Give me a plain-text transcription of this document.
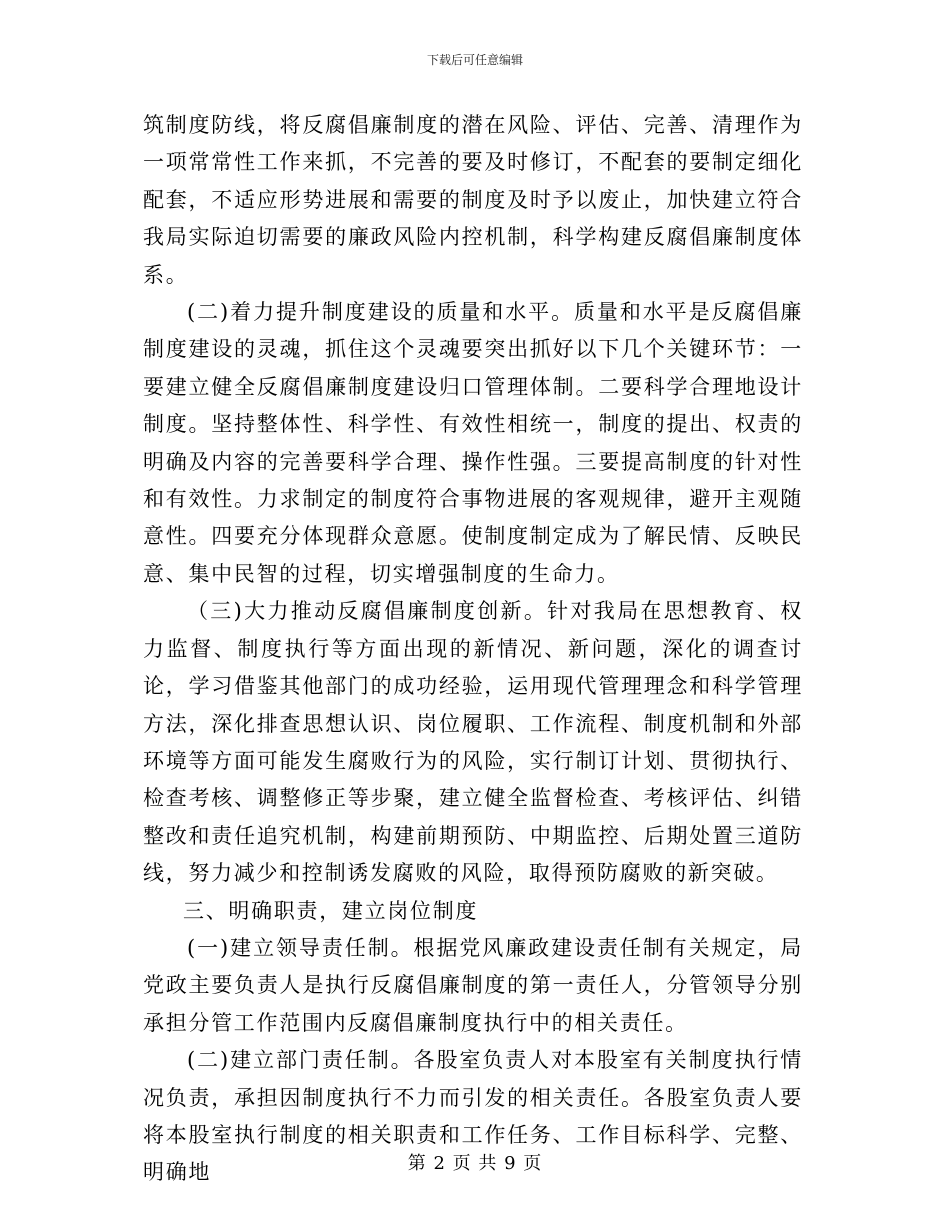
下载后可任意编辑

筑制度防线，将反腐倡廉制度的潜在风险、评估、完善、清理作为一项常常性工作来抓，不完善的要及时修订，不配套的要制定细化配套，不适应形势进展和需要的制度及时予以废止，加快建立符合我局实际迫切需要的廉政风险内控机制，科学构建反腐倡廉制度体系。

(二)着力提升制度建设的质量和水平。质量和水平是反腐倡廉制度建设的灵魂，抓住这个灵魂要突出抓好以下几个关键环节：一要建立健全反腐倡廉制度建设归口管理体制。二要科学合理地设计制度。坚持整体性、科学性、有效性相统一，制度的提出、权责的明确及内容的完善要科学合理、操作性强。三要提高制度的针对性和有效性。力求制定的制度符合事物进展的客观规律，避开主观随意性。四要充分体现群众意愿。使制度制定成为了解民情、反映民意、集中民智的过程，切实增强制度的生命力。

（三)大力推动反腐倡廉制度创新。针对我局在思想教育、权力监督、制度执行等方面出现的新情况、新问题，深化的调查讨论，学习借鉴其他部门的成功经验，运用现代管理理念和科学管理方法，深化排查思想认识、岗位履职、工作流程、制度机制和外部环境等方面可能发生腐败行为的风险，实行制订计划、贯彻执行、检查考核、调整修正等步聚，建立健全监督检查、考核评估、纠错整改和责任追究机制，构建前期预防、中期监控、后期处置三道防线，努力减少和控制诱发腐败的风险，取得预防腐败的新突破。

三、明确职责，建立岗位制度

(一)建立领导责任制。根据党风廉政建设责任制有关规定，局党政主要负责人是执行反腐倡廉制度的第一责任人，分管领导分别承担分管工作范围内反腐倡廉制度执行中的相关责任。

(二)建立部门责任制。各股室负责人对本股室有关制度执行情况负责，承担因制度执行不力而引发的相关责任。各股室负责人要将本股室执行制度的相关职责和工作任务、工作目标科学、完整、明确地	第 2 页 共 9 页
